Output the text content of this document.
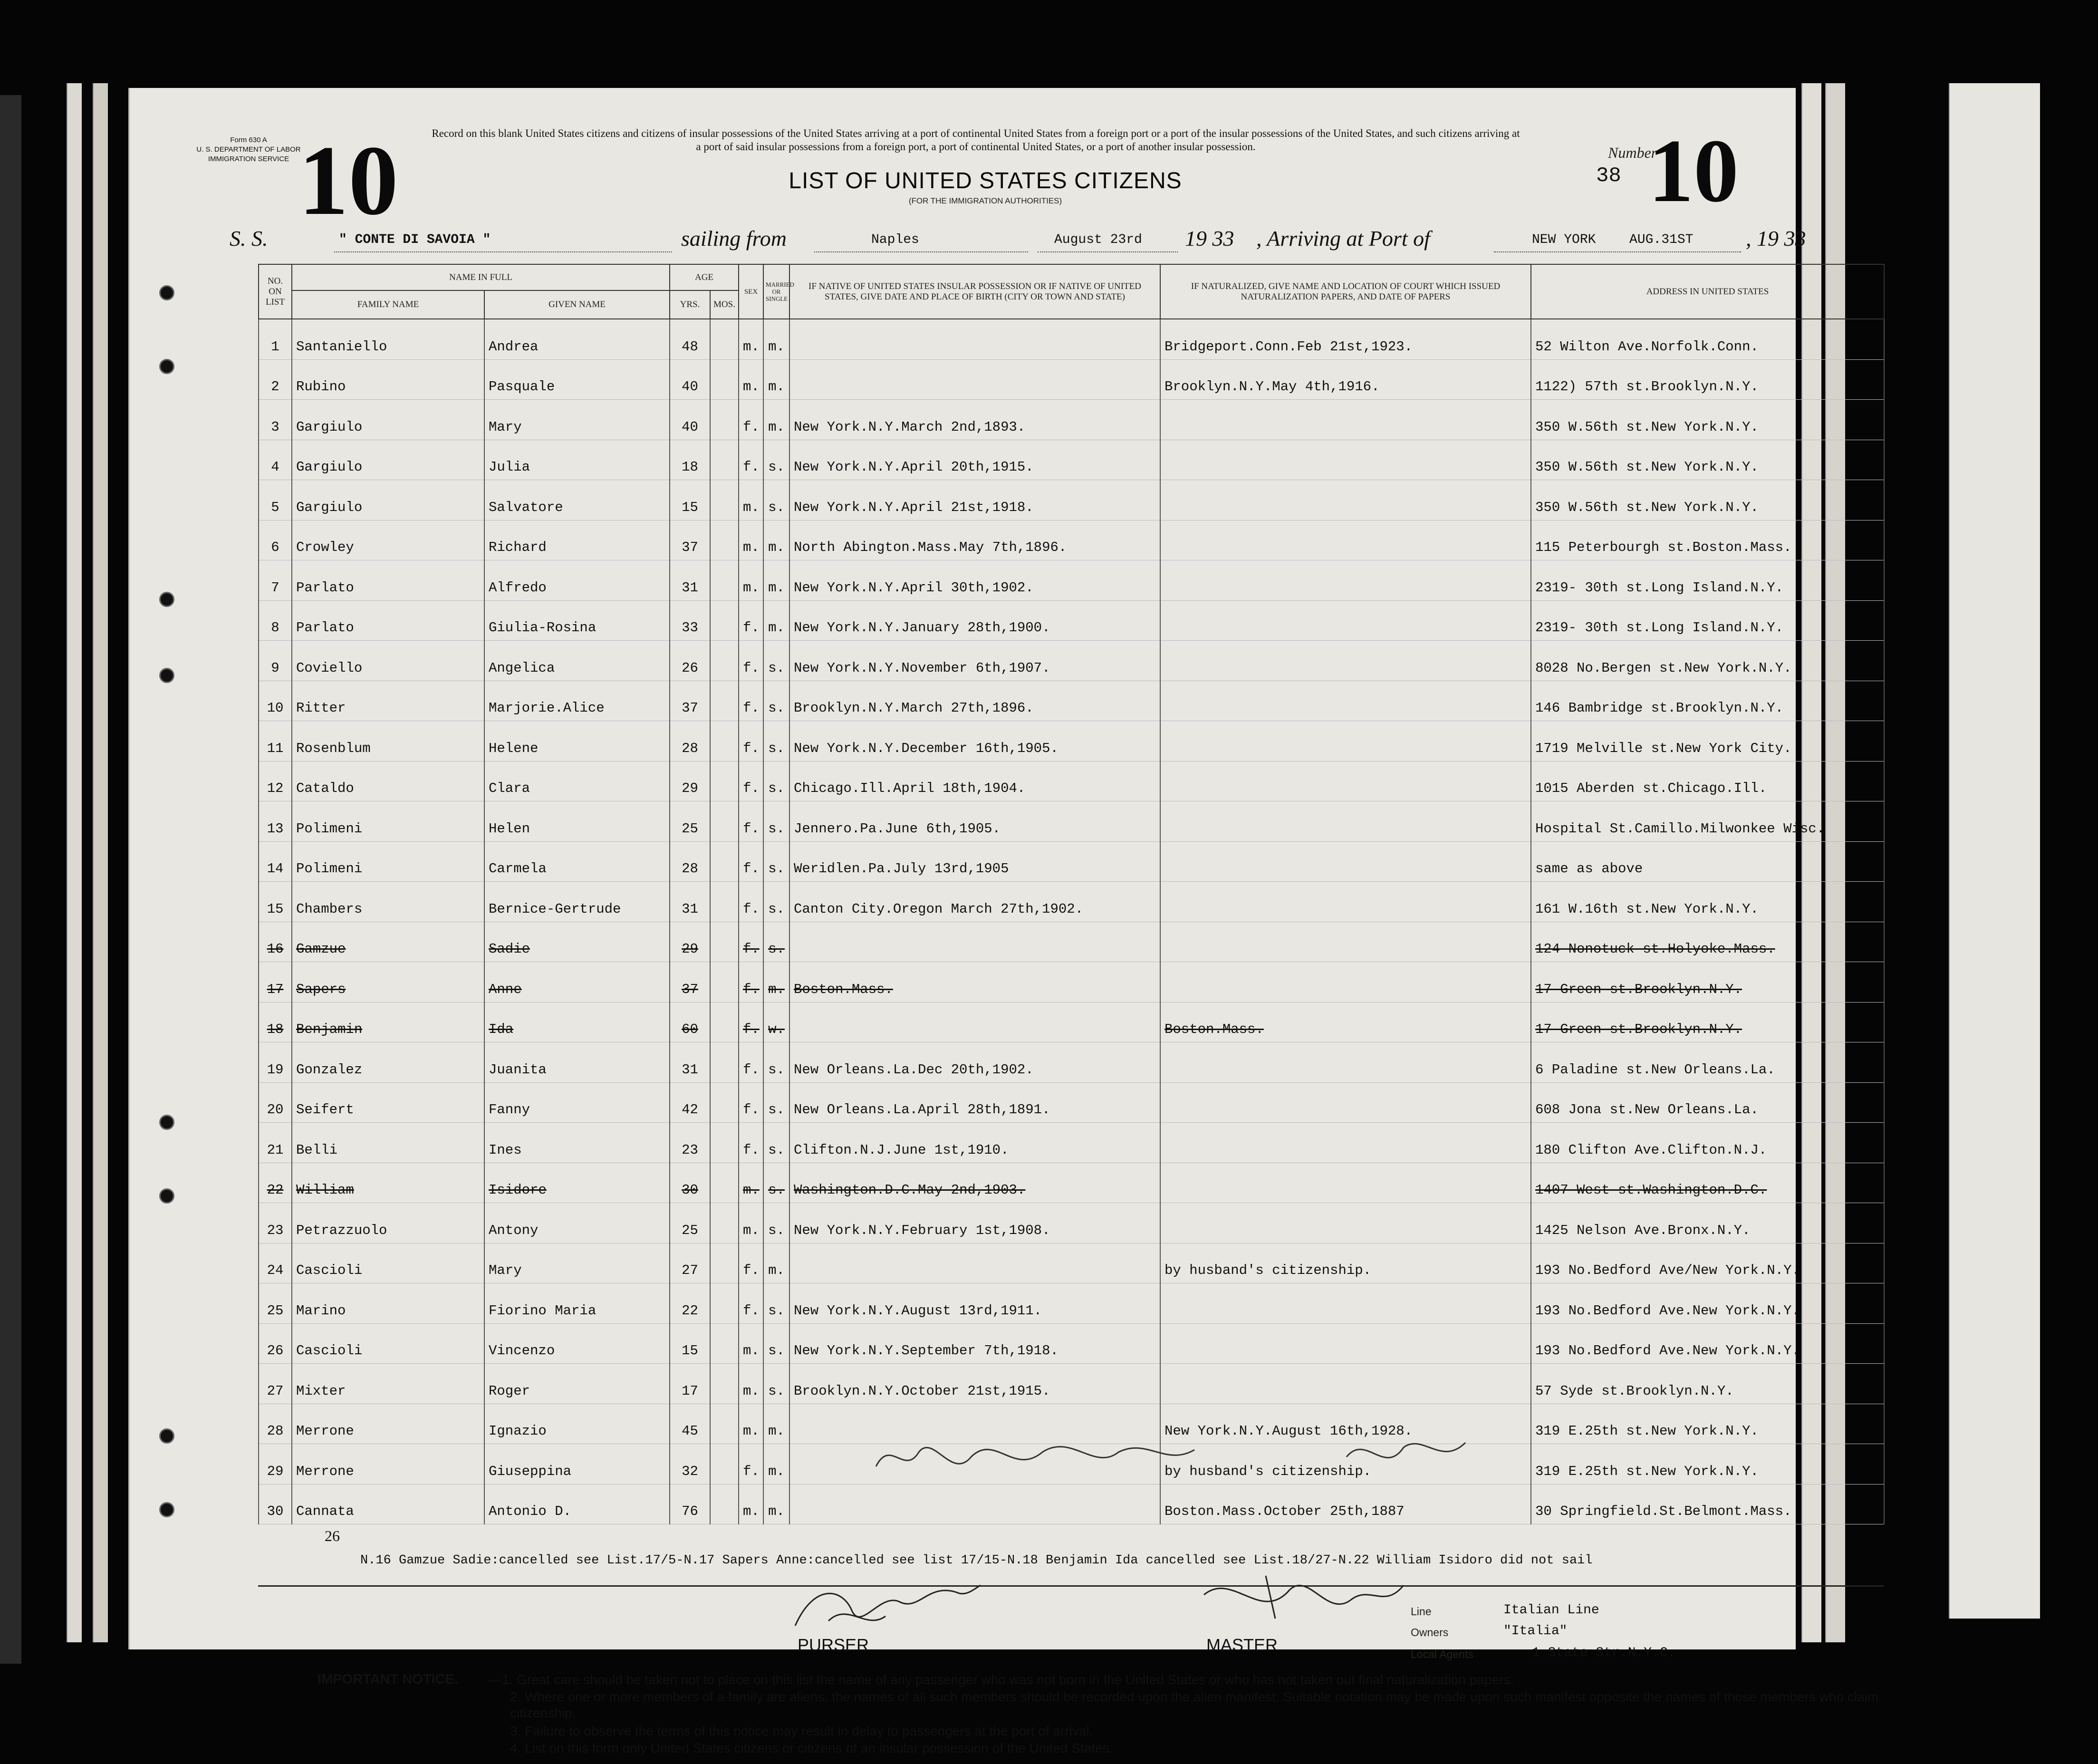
Form 630 A
U. S. DEPARTMENT OF LABOR
IMMIGRATION SERVICE 10	Record on this blank United States citizens and citizens of insular possessions of the United States arriving at a port of continental United States from a foreign port or a port of the insular possessions of the United States, and such citizens arriving at a port of said insular possessions from a foreign port, a port of continental United States, or a port of another insular possession.
LIST OF UNITED STATES CITIZENS
(FOR THE IMMIGRATION AUTHORITIES)
Number
38 10
S. S.	" CONTE DI SAVOIA "	sailing from	Naples	August 23rd 19 33 , Arriving at Port of	NEW YORK	AUG.31ST , 19 33
NO. ON LIST	NAME IN FULL		AGE		SEX	MARRIED OR SINGLE	IF NATIVE OF UNITED STATES INSULAR POSSESSION OR IF NATIVE OF UNITED STATES, GIVE DATE AND PLACE OF BIRTH (CITY OR TOWN AND STATE)	IF NATURALIZED, GIVE NAME AND LOCATION OF COURT WHICH ISSUED NATURALIZATION PAPERS, AND DATE OF PAPERS	ADDRESS IN UNITED STATES
	FAMILY NAME	GIVEN NAME	YRS.	MOS.					
1	Santaniello	Andrea	48		m.	m.		Bridgeport.Conn.Feb 21st,1923.	52 Wilton Ave.Norfolk.Conn.
2	Rubino	Pasquale	40		m.	m.		Brooklyn.N.Y.May 4th,1916.	1122) 57th st.Brooklyn.N.Y.
3	Gargiulo	Mary	40		f.	m.	New York.N.Y.March 2nd,1893.		350 W.56th st.New York.N.Y.
4	Gargiulo	Julia	18		f.	s.	New York.N.Y.April 20th,1915.		350 W.56th st.New York.N.Y.
5	Gargiulo	Salvatore	15		m.	s.	New York.N.Y.April 21st,1918.		350 W.56th st.New York.N.Y.
6	Crowley	Richard	37		m.	m.	North Abington.Mass.May 7th,1896.		115 Peterbourgh st.Boston.Mass.
7	Parlato	Alfredo	31		m.	m.	New York.N.Y.April 30th,1902.		2319- 30th st.Long Island.N.Y.
8	Parlato	Giulia-Rosina	33		f.	m.	New York.N.Y.January 28th,1900.		2319- 30th st.Long Island.N.Y.
9	Coviello	Angelica	26		f.	s.	New York.N.Y.November 6th,1907.		8028 No.Bergen st.New York.N.Y.
10	Ritter	Marjorie.Alice	37		f.	s.	Brooklyn.N.Y.March 27th,1896.		146 Bambridge st.Brooklyn.N.Y.
11	Rosenblum	Helene	28		f.	s.	New York.N.Y.December 16th,1905.		1719 Melville st.New York City.
12	Cataldo	Clara	29		f.	s.	Chicago.Ill.April 18th,1904.		1015 Aberden st.Chicago.Ill.
13	Polimeni	Helen	25		f.	s.	Jennero.Pa.June 6th,1905.		Hospital St.Camillo.Milwonkee Wisc.
14	Polimeni	Carmela	28		f.	s.	Weridlen.Pa.July 13rd,1905		same as above
15	Chambers	Bernice-Gertrude	31		f.	s.	Canton City.Oregon March 27th,1902.		161 W.16th st.New York.N.Y.
16	Gamzue	Sadie	29		f.	s.			124 Nonotuck st.Holyoke.Mass.
17	Sapers	Anne	37		f.	m.	Boston.Mass.		17 Green st.Brooklyn.N.Y.
18	Benjamin	Ida	60		f.	w.		Boston.Mass.	17 Green st.Brooklyn.N.Y.
19	Gonzalez	Juanita	31		f.	s.	New Orleans.La.Dec 20th,1902.		6 Paladine st.New Orleans.La.
20	Seifert	Fanny	42		f.	s.	New Orleans.La.April 28th,1891.		608 Jona st.New Orleans.La.
21	Belli	Ines	23		f.	s.	Clifton.N.J.June 1st,1910.		180 Clifton Ave.Clifton.N.J.
22	William	Isidore	30		m.	s.	Washington.D.C.May 2nd,1903.		1407 West st.Washington.D.C.
23	Petrazzuolo	Antony	25		m.	s.	New York.N.Y.February 1st,1908.		1425 Nelson Ave.Bronx.N.Y.
24	Cascioli	Mary	27		f.	m.		by husband's citizenship.	193 No.Bedford Ave/New York.N.Y.
25	Marino	Fiorino Maria	22		f.	s.	New York.N.Y.August 13rd,1911.		193 No.Bedford Ave.New York.N.Y.
26	Cascioli	Vincenzo	15		m.	s.	New York.N.Y.September 7th,1918.		193 No.Bedford Ave.New York.N.Y.
27	Mixter	Roger	17		m.	s.	Brooklyn.N.Y.October 21st,1915.		57 Syde st.Brooklyn.N.Y.
28	Merrone	Ignazio	45		m.	m.		New York.N.Y.August 16th,1928.	319 E.25th st.New York.N.Y.
29	Merrone	Giuseppina	32		f.	m.		by husband's citizenship.	319 E.25th st.New York.N.Y.
30	Cannata	Antonio D.	76		m.	m.		Boston.Mass.October 25th,1887	30 Springfield.St.Belmont.Mass.
26
N.16 Gamzue Sadie:cancelled see List.17/5-N.17 Sapers Anne:cancelled see list 17/15-N.18 Benjamin Ida cancelled see List.18/27-N.22 William Isidoro did not sail
Line	Italian Line
Owners	"Italia"
Local Agents	1 State Str.N.Y.C.
PURSER	MASTER
IMPORTANT NOTICE. —1. Great care should be taken not to place on this list the name of any passenger who was not born in the United States or who has not taken out final naturalization papers.
2. Where one or more members of a family are aliens, the names of all such members should be recorded upon the alien manifest. Suitable notation may be made upon such manifest opposite the names of those members who claim citizenship.
3. Failure to observe the terms of this notice may result in delay to passengers at the port of arrival.
4. List on this form only United States citizens or citizens of an insular possession of the United States.
